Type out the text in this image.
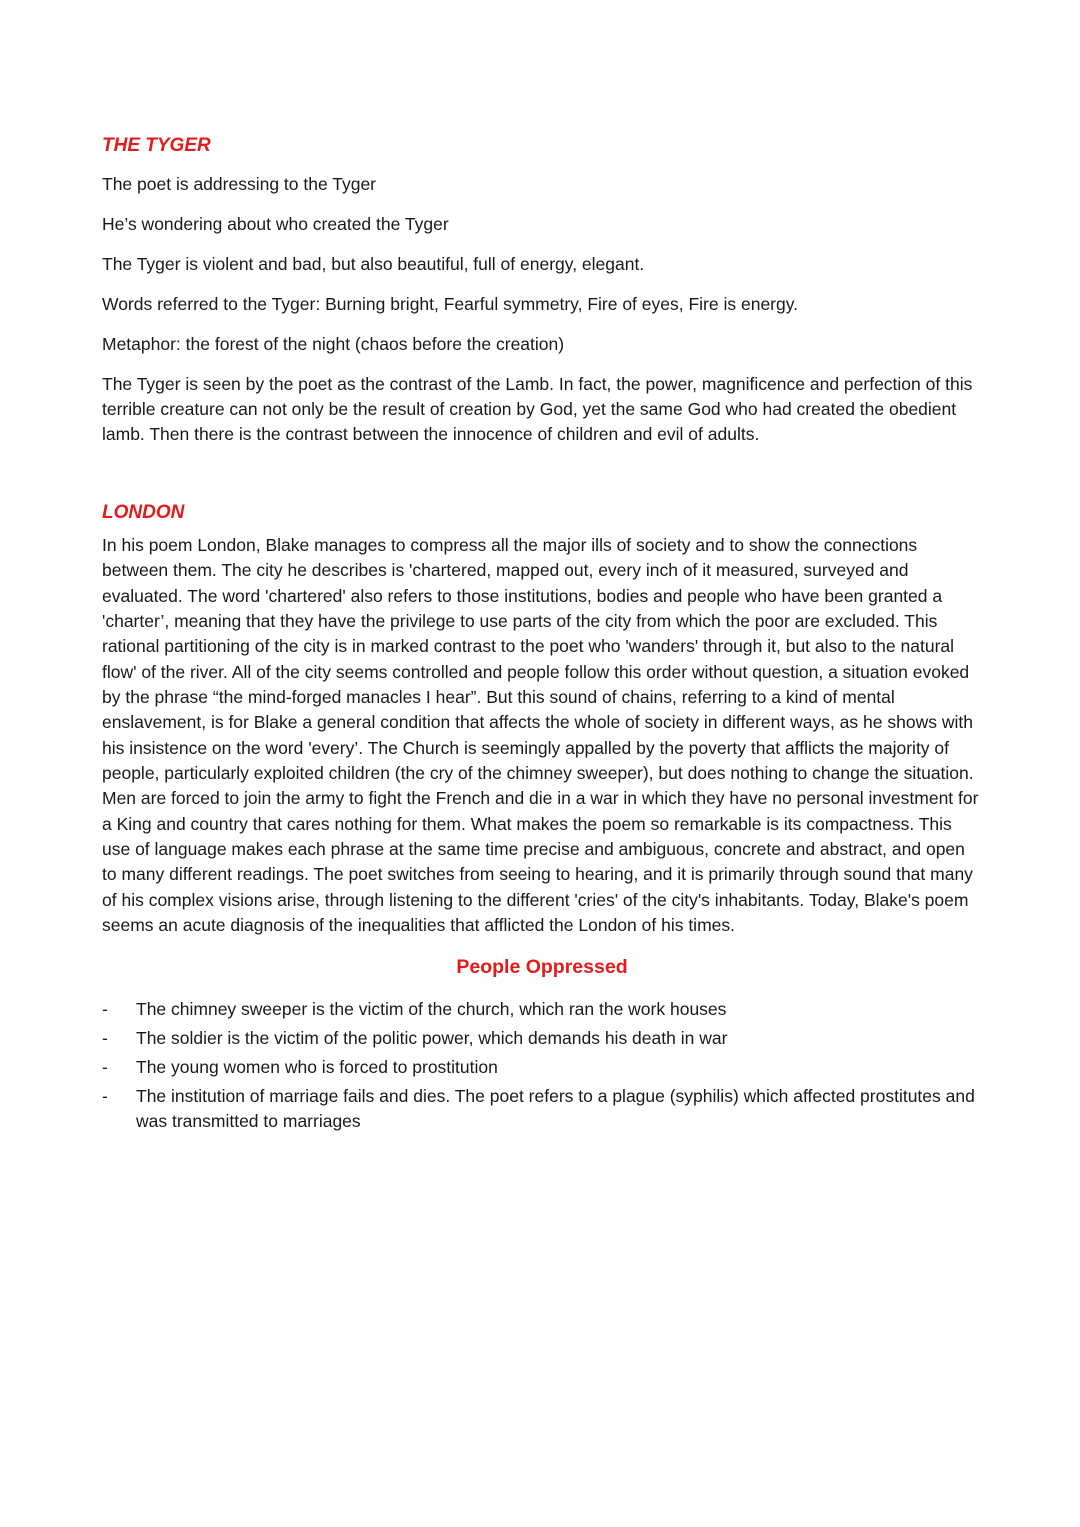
THE TYGER

The poet is addressing to the Tyger

He’s wondering about who created the Tyger

The Tyger is violent and bad, but also beautiful, full of energy, elegant.

Words referred to the Tyger: Burning bright, Fearful symmetry, Fire of eyes, Fire is energy.

Metaphor: the forest of the night (chaos before the creation)

The Tyger is seen by the poet as the contrast of the Lamb. In fact, the power, magnificence and perfection of this terrible creature can not only be the result of creation by God, yet the same God who had created the obedient lamb. Then there is the contrast between the innocence of children and evil of adults.

LONDON

In his poem London, Blake manages to compress all the major ills of society and to show the connections between them. The city he describes is 'chartered, mapped out, every inch of it measured, surveyed and evaluated. The word 'chartered' also refers to those institutions, bodies and people who have been granted a 'charter’, meaning that they have the privilege to use parts of the city from which the poor are excluded. This rational partitioning of the city is in marked contrast to the poet who 'wanders' through it, but also to the natural flow' of the river. All of the city seems controlled and people follow this order without question, a situation evoked by the phrase “the mind-forged manacles I hear”. But this sound of chains, referring to a kind of mental enslavement, is for Blake a general condition that affects the whole of society in different ways, as he shows with his insistence on the word 'every’. The Church is seemingly appalled by the poverty that afflicts the majority of people, particularly exploited children (the cry of the chimney sweeper), but does nothing to change the situation. Men are forced to join the army to fight the French and die in a war in which they have no personal investment for a King and country that cares nothing for them. What makes the poem so remarkable is its compactness. This use of language makes each phrase at the same time precise and ambiguous, concrete and abstract, and open to many different readings. The poet switches from seeing to hearing, and it is primarily through sound that many of his complex visions arise, through listening to the different 'cries' of the city's inhabitants. Today, Blake's poem seems an acute diagnosis of the inequalities that afflicted the London of his times.

People Oppressed
- The chimney sweeper is the victim of the church, which ran the work houses
- The soldier is the victim of the politic power, which demands his death in war
- The young women who is forced to prostitution
- The institution of marriage fails and dies. The poet refers to a plague (syphilis) which affected prostitutes and was transmitted to marriages
